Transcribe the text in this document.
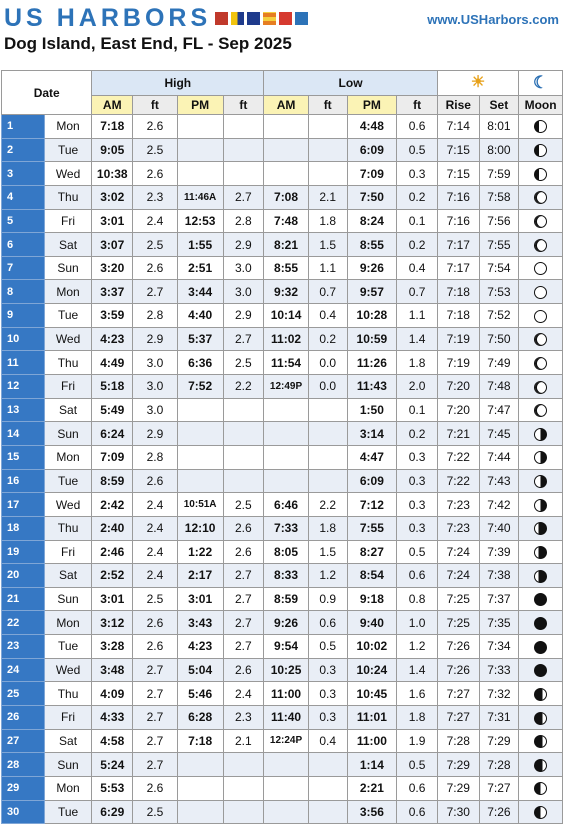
US HARBORS	www.USHarbors.com
Dog Island, East End, FL - Sep 2025
Date		High				Low				☀		☾
		AM	ft	PM	ft	AM	ft	PM	ft	Rise	Set	Moon
1	Mon	7:18	2.6					4:48	0.6	7:14	8:01	
2	Tue	9:05	2.5					6:09	0.5	7:15	8:00	
3	Wed	10:38	2.6					7:09	0.3	7:15	7:59	
4	Thu	3:02	2.3	11:46A	2.7	7:08	2.1	7:50	0.2	7:16	7:58	
5	Fri	3:01	2.4	12:53	2.8	7:48	1.8	8:24	0.1	7:16	7:56	
6	Sat	3:07	2.5	1:55	2.9	8:21	1.5	8:55	0.2	7:17	7:55	
7	Sun	3:20	2.6	2:51	3.0	8:55	1.1	9:26	0.4	7:17	7:54	
8	Mon	3:37	2.7	3:44	3.0	9:32	0.7	9:57	0.7	7:18	7:53	
9	Tue	3:59	2.8	4:40	2.9	10:14	0.4	10:28	1.1	7:18	7:52	
10	Wed	4:23	2.9	5:37	2.7	11:02	0.2	10:59	1.4	7:19	7:50	
11	Thu	4:49	3.0	6:36	2.5	11:54	0.0	11:26	1.8	7:19	7:49	
12	Fri	5:18	3.0	7:52	2.2	12:49P	0.0	11:43	2.0	7:20	7:48	
13	Sat	5:49	3.0					1:50	0.1	7:20	7:47	
14	Sun	6:24	2.9					3:14	0.2	7:21	7:45	
15	Mon	7:09	2.8					4:47	0.3	7:22	7:44	
16	Tue	8:59	2.6					6:09	0.3	7:22	7:43	
17	Wed	2:42	2.4	10:51A	2.5	6:46	2.2	7:12	0.3	7:23	7:42	
18	Thu	2:40	2.4	12:10	2.6	7:33	1.8	7:55	0.3	7:23	7:40	
19	Fri	2:46	2.4	1:22	2.6	8:05	1.5	8:27	0.5	7:24	7:39	
20	Sat	2:52	2.4	2:17	2.7	8:33	1.2	8:54	0.6	7:24	7:38	
21	Sun	3:01	2.5	3:01	2.7	8:59	0.9	9:18	0.8	7:25	7:37	
22	Mon	3:12	2.6	3:43	2.7	9:26	0.6	9:40	1.0	7:25	7:35	
23	Tue	3:28	2.6	4:23	2.7	9:54	0.5	10:02	1.2	7:26	7:34	
24	Wed	3:48	2.7	5:04	2.6	10:25	0.3	10:24	1.4	7:26	7:33	
25	Thu	4:09	2.7	5:46	2.4	11:00	0.3	10:45	1.6	7:27	7:32	
26	Fri	4:33	2.7	6:28	2.3	11:40	0.3	11:01	1.8	7:27	7:31	
27	Sat	4:58	2.7	7:18	2.1	12:24P	0.4	11:00	1.9	7:28	7:29	
28	Sun	5:24	2.7					1:14	0.5	7:29	7:28	
29	Mon	5:53	2.6					2:21	0.6	7:29	7:27	
30	Tue	6:29	2.5					3:56	0.6	7:30	7:26	
